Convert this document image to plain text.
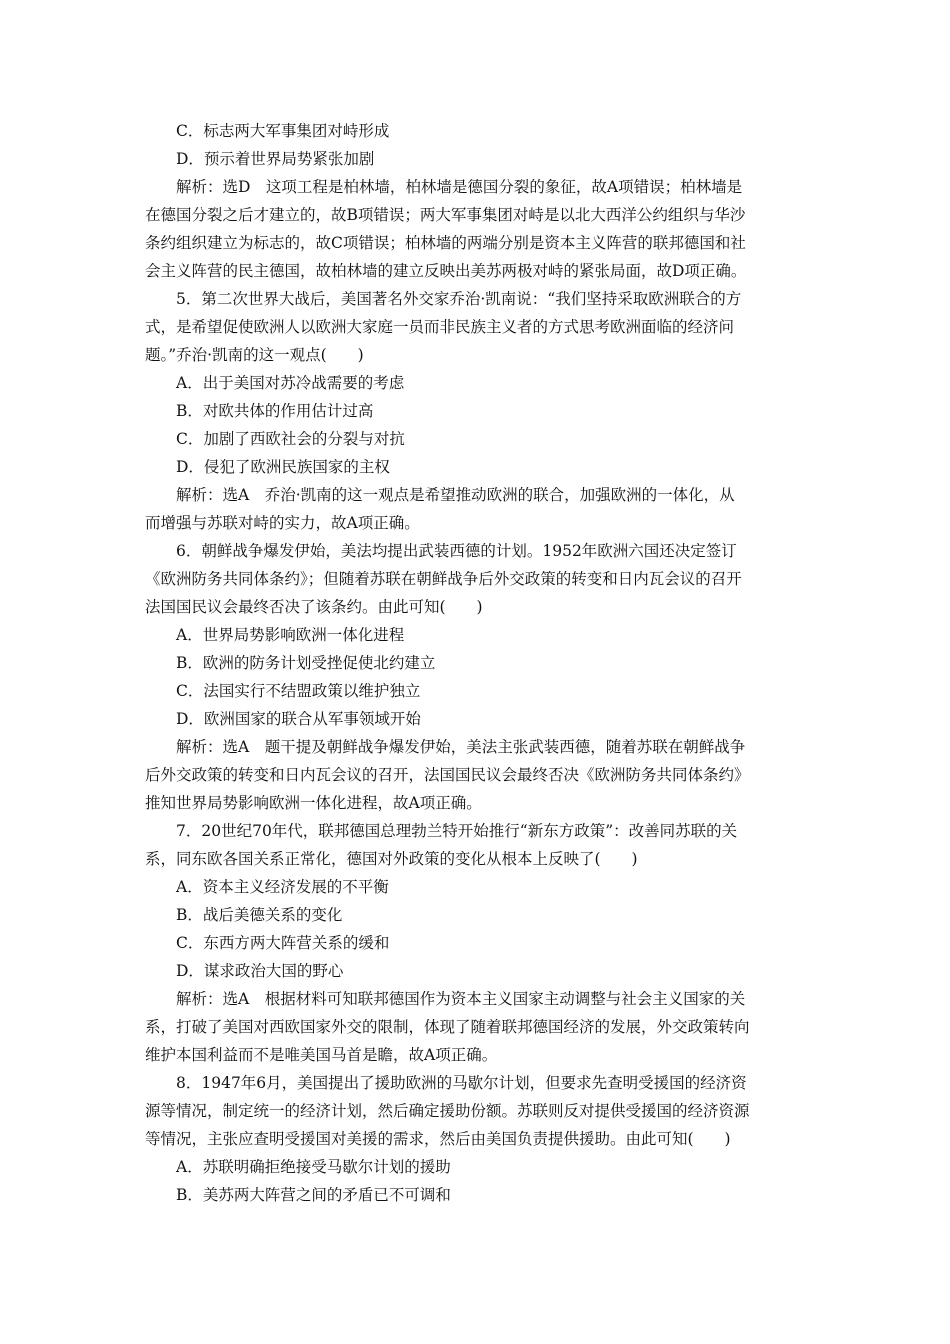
C．标志两大军事集团对峙形成
D．预示着世界局势紧张加剧
解析：选D　这项工程是柏林墙，柏林墙是德国分裂的象征，故A项错误；柏林墙是
在德国分裂之后才建立的，故B项错误；两大军事集团对峙是以北大西洋公约组织与华沙
条约组织建立为标志的，故C项错误；柏林墙的两端分别是资本主义阵营的联邦德国和社
会主义阵营的民主德国，故柏林墙的建立反映出美苏两极对峙的紧张局面，故D项正确。
5．第二次世界大战后，美国著名外交家乔治·凯南说：“我们坚持采取欧洲联合的方
式，是希望促使欧洲人以欧洲大家庭一员而非民族主义者的方式思考欧洲面临的经济问
题。”乔治·凯南的这一观点(　　)
A．出于美国对苏冷战需要的考虑
B．对欧共体的作用估计过高
C．加剧了西欧社会的分裂与对抗
D．侵犯了欧洲民族国家的主权
解析：选A　乔治·凯南的这一观点是希望推动欧洲的联合，加强欧洲的一体化，从
而增强与苏联对峙的实力，故A项正确。
6．朝鲜战争爆发伊始，美法均提出武装西德的计划。1952年欧洲六国还决定签订
《欧洲防务共同体条约》；但随着苏联在朝鲜战争后外交政策的转变和日内瓦会议的召开
法国国民议会最终否决了该条约。由此可知(　　)
A．世界局势影响欧洲一体化进程
B．欧洲的防务计划受挫促使北约建立
C．法国实行不结盟政策以维护独立
D．欧洲国家的联合从军事领域开始
解析：选A　题干提及朝鲜战争爆发伊始，美法主张武装西德，随着苏联在朝鲜战争
后外交政策的转变和日内瓦会议的召开，法国国民议会最终否决《欧洲防务共同体条约》
推知世界局势影响欧洲一体化进程，故A项正确。
7．20世纪70年代，联邦德国总理勃兰特开始推行“新东方政策”：改善同苏联的关
系，同东欧各国关系正常化，德国对外政策的变化从根本上反映了(　　)
A．资本主义经济发展的不平衡
B．战后美德关系的变化
C．东西方两大阵营关系的缓和
D．谋求政治大国的野心
解析：选A　根据材料可知联邦德国作为资本主义国家主动调整与社会主义国家的关
系，打破了美国对西欧国家外交的限制，体现了随着联邦德国经济的发展，外交政策转向
维护本国利益而不是唯美国马首是瞻，故A项正确。
8．1947年6月，美国提出了援助欧洲的马歇尔计划，但要求先查明受援国的经济资
源等情况，制定统一的经济计划，然后确定援助份额。苏联则反对提供受援国的经济资源
等情况，主张应查明受援国对美援的需求，然后由美国负责提供援助。由此可知(　　)
A．苏联明确拒绝接受马歇尔计划的援助
B．美苏两大阵营之间的矛盾已不可调和
